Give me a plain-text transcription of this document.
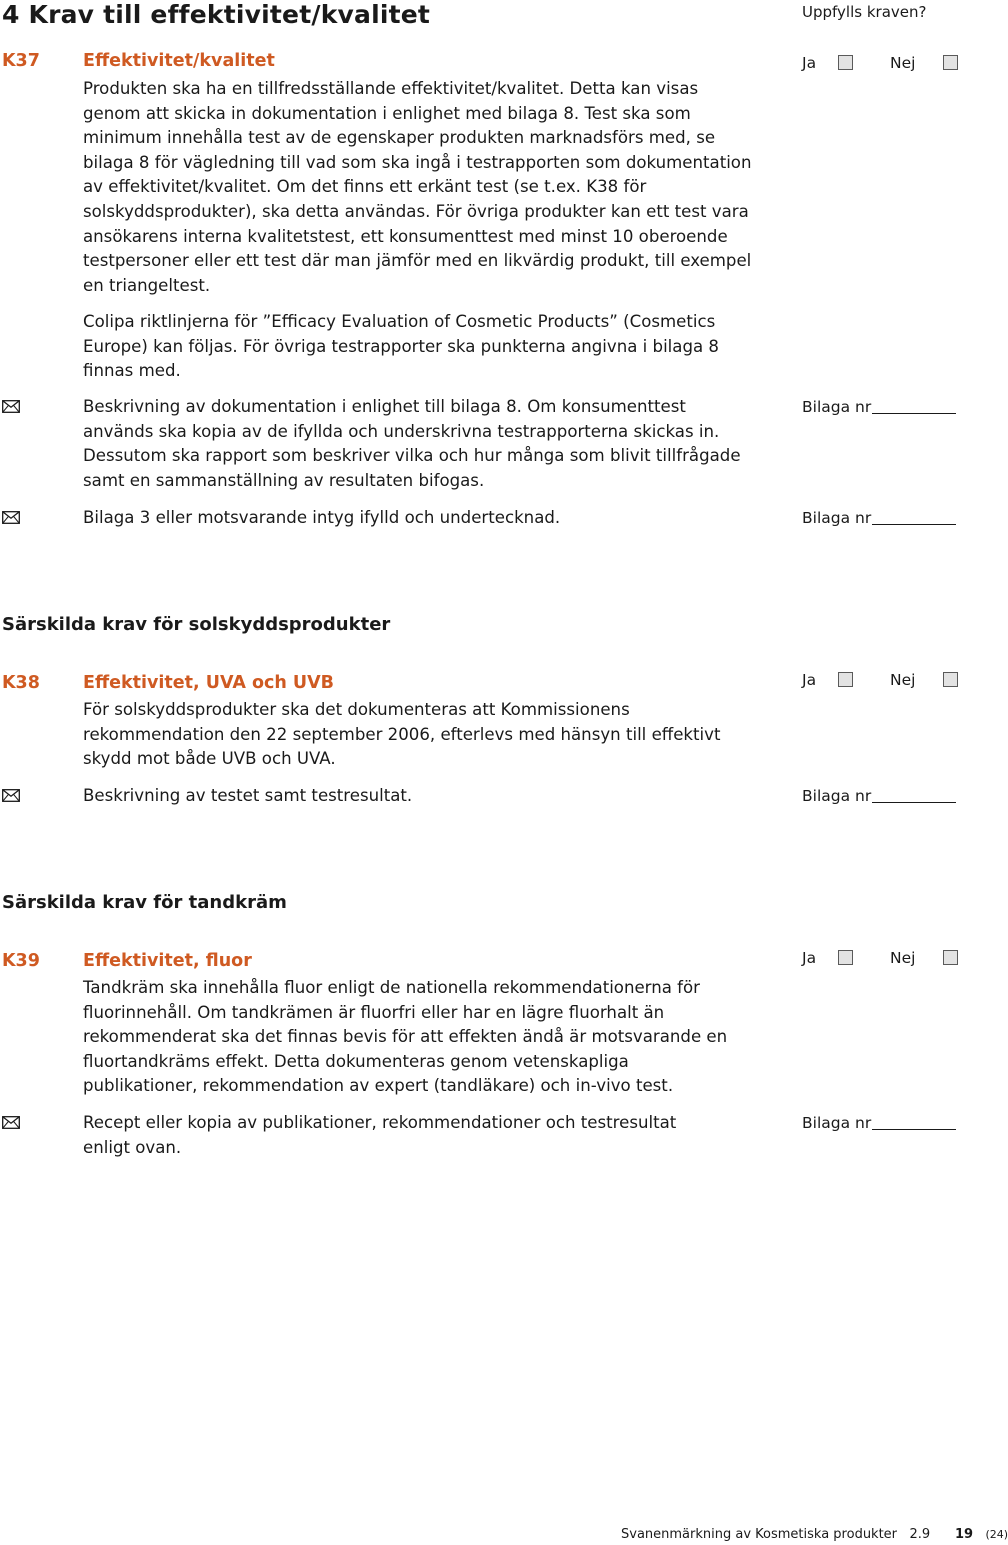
4 Krav till effektivitet/kvalitet	Uppfylls kraven?
K37 Effektivitet/kvalitet	Ja	Nej
Produkten ska ha en tillfredsställande effektivitet/kvalitet. Detta kan visas genom att skicka in dokumentation i enlighet med bilaga 8. Test ska som minimum innehålla test av de egenskaper produkten marknadsförs med, se bilaga 8 för vägledning till vad som ska ingå i testrapporten som dokumentation av effektivitet/kvalitet. Om det finns ett erkänt test (se t.ex. K38 för solskyddsprodukter), ska detta användas. För övriga produkter kan ett test vara ansökarens interna kvalitetstest, ett konsumenttest med minst 10 oberoende testpersoner eller ett test där man jämför med en likvärdig produkt, till exempel en triangeltest.
Colipa riktlinjerna för ”Efficacy Evaluation of Cosmetic Products” (Cosmetics Europe) kan följas. För övriga testrapporter ska punkterna angivna i bilaga 8 finnas med.
Beskrivning av dokumentation i enlighet till bilaga 8. Om konsumenttest används ska kopia av de ifyllda och underskrivna testrapporterna skickas in. Dessutom ska rapport som beskriver vilka och hur många som blivit tillfrågade samt en sammanställning av resultaten bifogas.
Bilaga nr
Bilaga 3 eller motsvarande intyg ifylld och undertecknad.	Bilaga nr
Särskilda krav för solskyddsprodukter
K38 Effektivitet, UVA och UVB	Ja	Nej
För solskyddsprodukter ska det dokumenteras att Kommissionens rekommendation den 22 september 2006, efterlevs med hänsyn till effektivt skydd mot både UVB och UVA.
Beskrivning av testet samt testresultat.	Bilaga nr
Särskilda krav för tandkräm
K39 Effektivitet, fluor	Ja	Nej
Tandkräm ska innehålla fluor enligt de nationella rekommendationerna för fluorinnehåll. Om tandkrämen är fluorfri eller har en lägre fluorhalt än rekommenderat ska det finnas bevis för att effekten ändå är motsvarande en fluortandkräms effekt. Detta dokumenteras genom vetenskapliga publikationer, rekommendation av expert (tandläkare) och in-vivo test.
Recept eller kopia av publikationer, rekommendationer och testresultat enligt ovan.
Bilaga nr
Svanenmärkning av Kosmetiska produkter 2.9 19 (24)
